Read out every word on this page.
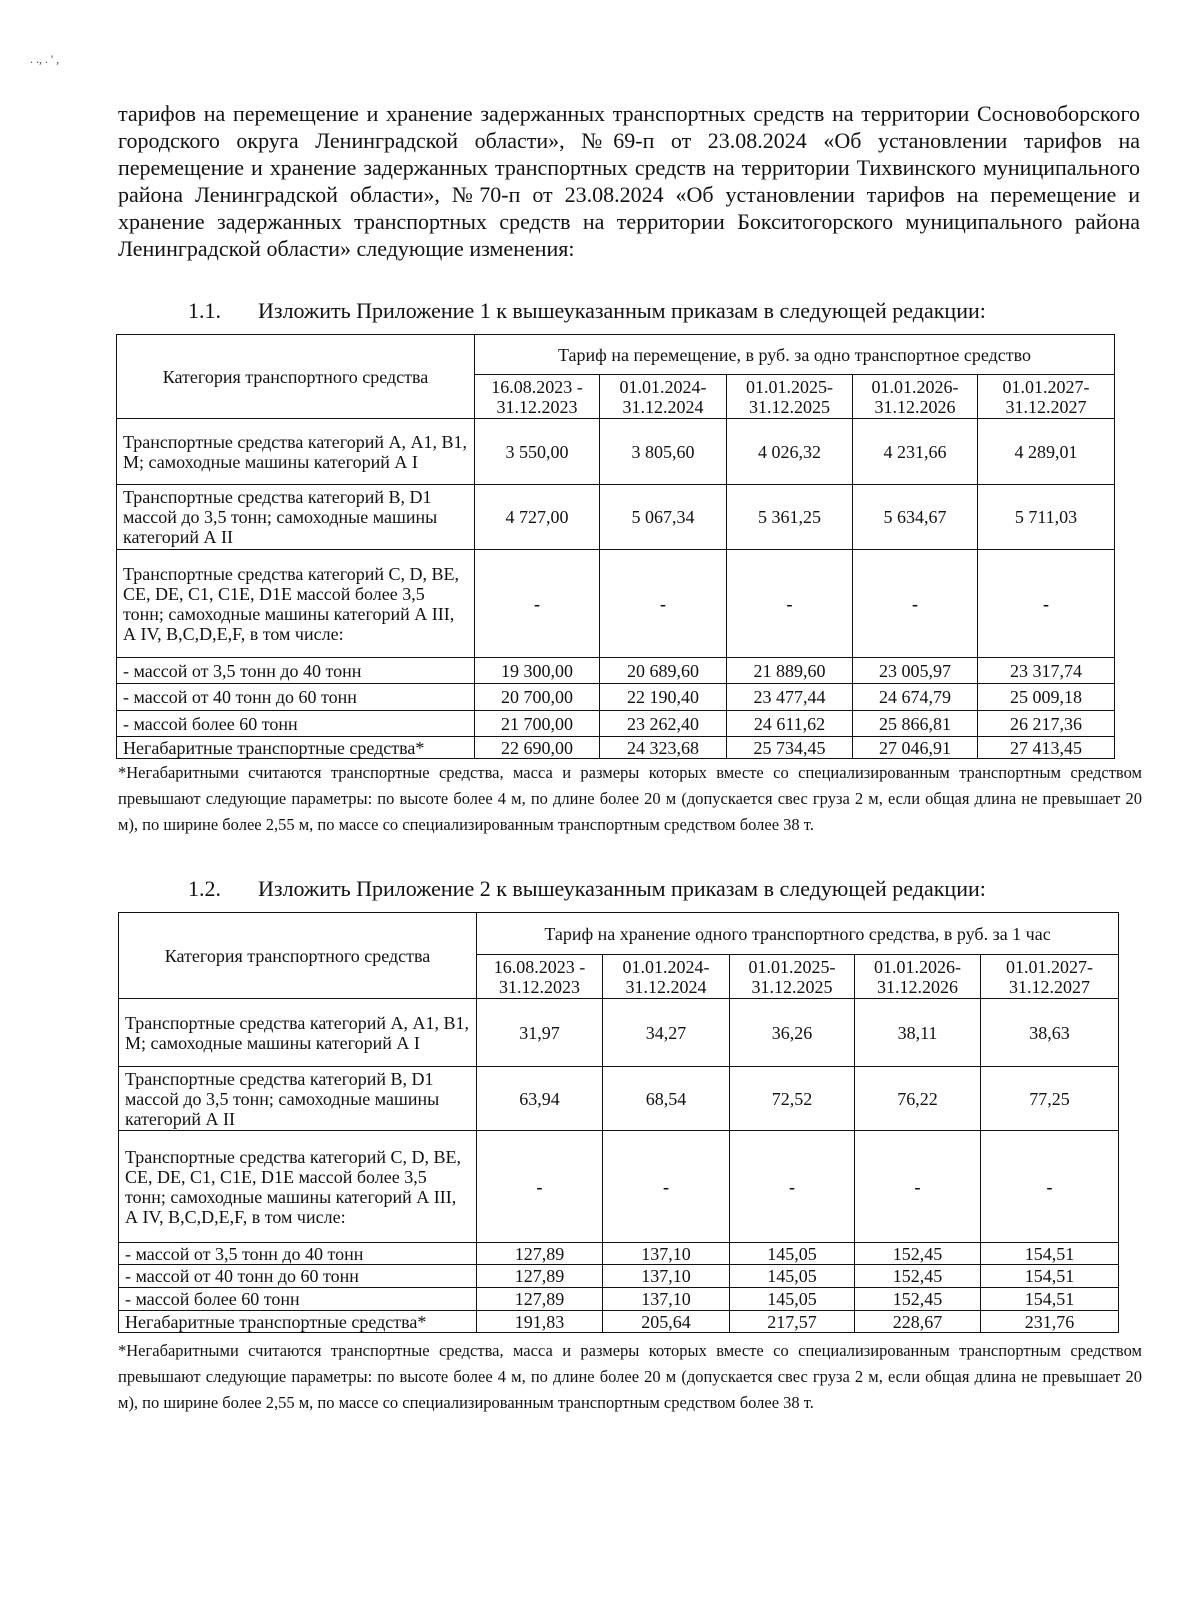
. ., . ' ,

тарифов на перемещение и хранение задержанных транспортных средств на территории Сосновоборского городского округа Ленинградской области», №69-п от 23.08.2024 «Об установлении тарифов на перемещение и хранение задержанных транспортных средств на территории Тихвинского муниципального района Ленинградской области», №70-п от 23.08.2024 «Об установлении тарифов на перемещение и хранение задержанных транспортных средств на территории Бокситогорского муниципального района Ленинградской области» следующие изменения:

1.1. Изложить Приложение 1 к вышеуказанным приказам в следующей редакции:
Категория транспортного средства	Тариф на перемещение, в руб. за одно транспортное средство				
	16.08.2023 - 31.12.2023	01.01.2024- 31.12.2024	01.01.2025- 31.12.2025	01.01.2026- 31.12.2026	01.01.2027- 31.12.2027
Транспортные средства категорий А, А1, В1, М; самоходные машины категорий А I	3 550,00	3 805,60	4 026,32	4 231,66	4 289,01
Транспортные средства категорий В, D1 массой до 3,5 тонн; самоходные машины категорий А II	4 727,00	5 067,34	5 361,25	5 634,67	5 711,03
Транспортные средства категорий С, D, ВЕ, СЕ, DE, C1, C1E, D1E массой более 3,5 тонн; самоходные машины категорий А III, А IV, B,C,D,E,F, в том числе:	-	-	-	-	-
- массой от 3,5 тонн до 40 тонн	19 300,00	20 689,60	21 889,60	23 005,97	23 317,74
- массой от 40 тонн до 60 тонн	20 700,00	22 190,40	23 477,44	24 674,79	25 009,18
- массой более 60 тонн	21 700,00	23 262,40	24 611,62	25 866,81	26 217,36
Негабаритные транспортные средства*	22 690,00	24 323,68	25 734,45	27 046,91	27 413,45

*Негабаритными считаются транспортные средства, масса и размеры которых вместе со специализированным транспортным средством превышают следующие параметры: по высоте более 4 м, по длине более 20 м (допускается свес груза 2 м, если общая длина не превышает 20 м), по ширине более 2,55 м, по массе со специализированным транспортным средством более 38 т.

1.2. Изложить Приложение 2 к вышеуказанным приказам в следующей редакции:
Категория транспортного средства	Тариф на хранение одного транспортного средства, в руб. за 1 час				
	16.08.2023 - 31.12.2023	01.01.2024- 31.12.2024	01.01.2025- 31.12.2025	01.01.2026- 31.12.2026	01.01.2027- 31.12.2027
Транспортные средства категорий А, А1, В1, М; самоходные машины категорий А I	31,97	34,27	36,26	38,11	38,63
Транспортные средства категорий В, D1 массой до 3,5 тонн; самоходные машины категорий А II	63,94	68,54	72,52	76,22	77,25
Транспортные средства категорий С, D, ВЕ, СЕ, DE, C1, C1E, D1E массой более 3,5 тонн; самоходные машины категорий А III, А IV, B,C,D,E,F, в том числе:	-	-	-	-	-
- массой от 3,5 тонн до 40 тонн	127,89	137,10	145,05	152,45	154,51
- массой от 40 тонн до 60 тонн	127,89	137,10	145,05	152,45	154,51
- массой более 60 тонн	127,89	137,10	145,05	152,45	154,51
Негабаритные транспортные средства*	191,83	205,64	217,57	228,67	231,76

*Негабаритными считаются транспортные средства, масса и размеры которых вместе со специализированным транспортным средством превышают следующие параметры: по высоте более 4 м, по длине более 20 м (допускается свес груза 2 м, если общая длина не превышает 20 м), по ширине более 2,55 м, по массе со специализированным транспортным средством более 38 т.
